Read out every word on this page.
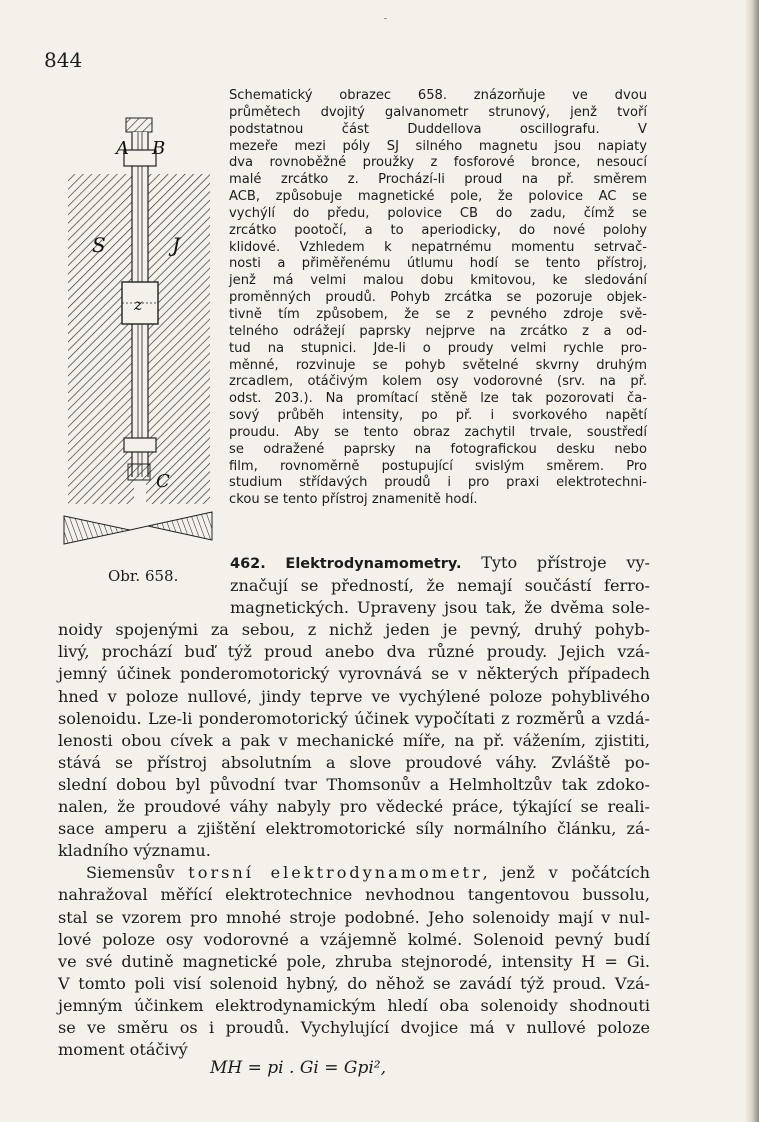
844
A B
S	J
z
C
Obr. 658.
Schematický obrazec 658. znázorňuje ve dvou
průmětech dvojitý galvanometr strunový, jenž tvoří
podstatnou část Duddellova oscillografu. V
mezeře mezi póly SJ silného magnetu jsou napiaty
dva rovnoběžné proužky z fosforové bronce, nesoucí
malé zrcátko z. Prochází-li proud na př. směrem
ACB, způsobuje magnetické pole, že polovice AC se
vychýlí do předu, polovice CB do zadu, čímž se
zrcátko pootočí, a to aperiodicky, do nové polohy
klidové. Vzhledem k nepatrnému momentu setrvač-
nosti a přiměřenému útlumu hodí se tento přístroj,
jenž má velmi malou dobu kmitovou, ke sledování
proměnných proudů. Pohyb zrcátka se pozoruje objek-
tivně tím způsobem, že se z pevného zdroje svě-
telného odrážejí paprsky nejprve na zrcátko z a od-
tud na stupnici. Jde-li o proudy velmi rychle pro-
měnné, rozvinuje se pohyb světelné skvrny druhým
zrcadlem, otáčivým kolem osy vodorovné (srv. na př.
odst. 203.). Na promítací stěně lze tak pozorovati ča-
sový průběh intensity, po př. i svorkového napětí
proudu. Aby se tento obraz zachytil trvale, soustředí
se odražené paprsky na fotografickou desku nebo
film, rovnoměrně postupující svislým směrem. Pro
studium střídavých proudů i pro praxi elektrotechni-
ckou se tento přístroj znamenitě hodí.
462. Elektrodynamometry. Tyto přístroje vy-
značují se předností, že nemají součástí ferro-
magnetických. Upraveny jsou tak, že dvěma sole-
noidy spojenými za sebou, z nichž jeden je pevný, druhý pohyb-
livý, prochází buď týž proud anebo dva různé proudy. Jejich vzá-
jemný účinek ponderomotorický vyrovnává se v některých případech
hned v poloze nullové, jindy teprve ve vychýlené poloze pohyblivého
solenoidu. Lze-li ponderomotorický účinek vypočítati z rozměrů a vzdá-
lenosti obou cívek a pak v mechanické míře, na př. vážením, zjistiti,
stává se přístroj absolutním a slove proudové váhy. Zvláště po-
slední dobou byl původní tvar Thomsonův a Helmholtzův tak zdoko-
nalen, že proudové váhy nabyly pro vědecké práce, týkající se reali-
sace amperu a zjištění elektromotorické síly normálního článku, zá-
kladního významu.
Siemensův torsní elektrodynamometr, jenž v počátcích
nahražoval měřící elektrotechnice nevhodnou tangentovou bussolu,
stal se vzorem pro mnohé stroje podobné. Jeho solenoidy mají v nul-
lové poloze osy vodorovné a vzájemně kolmé. Solenoid pevný budí
ve své dutině magnetické pole, zhruba stejnorodé, intensity H = Gi.
V tomto poli visí solenoid hybný, do něhož se zavádí týž proud. Vzá-
jemným účinkem elektrodynamickým hledí oba solenoidy shodnouti
se ve směru os i proudů. Vychylující dvojice má v nullové poloze
moment otáčivý
MH = pi . Gi = Gpi²,
